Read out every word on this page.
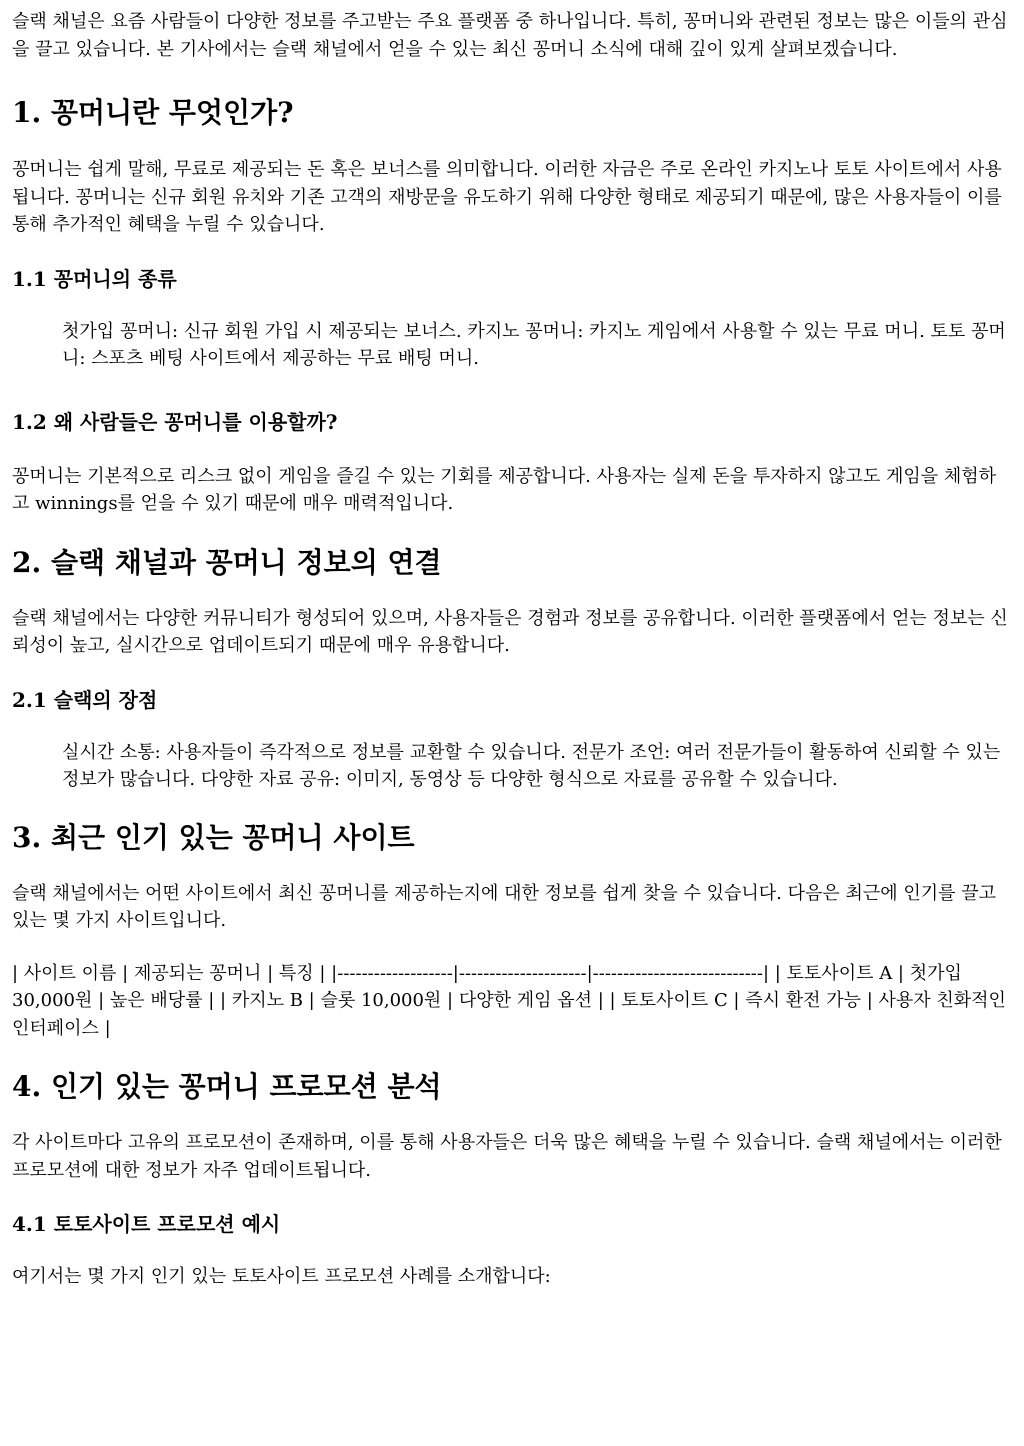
슬랙 채널은 요즘 사람들이 다양한 정보를 주고받는 주요 플랫폼 중 하나입니다. 특히, 꽁머니와 관련된 정보는 많은 이들의 관심을 끌고 있습니다. 본 기사에서는 슬랙 채널에서 얻을 수 있는 최신 꽁머니 소식에 대해 깊이 있게 살펴보겠습니다.

1. 꽁머니란 무엇인가?

꽁머니는 쉽게 말해, 무료로 제공되는 돈 혹은 보너스를 의미합니다. 이러한 자금은 주로 온라인 카지노나 토토 사이트에서 사용됩니다. 꽁머니는 신규 회원 유치와 기존 고객의 재방문을 유도하기 위해 다양한 형태로 제공되기 때문에, 많은 사용자들이 이를 통해 추가적인 혜택을 누릴 수 있습니다.

1.1 꽁머니의 종류
첫가입 꽁머니: 신규 회원 가입 시 제공되는 보너스. 카지노 꽁머니: 카지노 게임에서 사용할 수 있는 무료 머니. 토토 꽁머니: 스포츠 베팅 사이트에서 제공하는 무료 배팅 머니.
1.2 왜 사람들은 꽁머니를 이용할까?

꽁머니는 기본적으로 리스크 없이 게임을 즐길 수 있는 기회를 제공합니다. 사용자는 실제 돈을 투자하지 않고도 게임을 체험하고 winnings를 얻을 수 있기 때문에 매우 매력적입니다.

2. 슬랙 채널과 꽁머니 정보의 연결

슬랙 채널에서는 다양한 커뮤니티가 형성되어 있으며, 사용자들은 경험과 정보를 공유합니다. 이러한 플랫폼에서 얻는 정보는 신뢰성이 높고, 실시간으로 업데이트되기 때문에 매우 유용합니다.

2.1 슬랙의 장점
실시간 소통: 사용자들이 즉각적으로 정보를 교환할 수 있습니다. 전문가 조언: 여러 전문가들이 활동하여 신뢰할 수 있는 정보가 많습니다. 다양한 자료 공유: 이미지, 동영상 등 다양한 형식으로 자료를 공유할 수 있습니다.
3. 최근 인기 있는 꽁머니 사이트

슬랙 채널에서는 어떤 사이트에서 최신 꽁머니를 제공하는지에 대한 정보를 쉽게 찾을 수 있습니다. 다음은 최근에 인기를 끌고 있는 몇 가지 사이트입니다.

| 사이트 이름 | 제공되는 꽁머니 | 특징 | |-------------------|---------------------|----------------------------| | 토토사이트 A | 첫가입 30,000원 | 높은 배당률 | | 카지노 B | 슬롯 10,000원 | 다양한 게임 옵션 | | 토토사이트 C | 즉시 환전 가능 | 사용자 친화적인 인터페이스 |

4. 인기 있는 꽁머니 프로모션 분석

각 사이트마다 고유의 프로모션이 존재하며, 이를 통해 사용자들은 더욱 많은 혜택을 누릴 수 있습니다. 슬랙 채널에서는 이러한 프로모션에 대한 정보가 자주 업데이트됩니다.

4.1 토토사이트 프로모션 예시

여기서는 몇 가지 인기 있는 토토사이트 프로모션 사례를 소개합니다:
